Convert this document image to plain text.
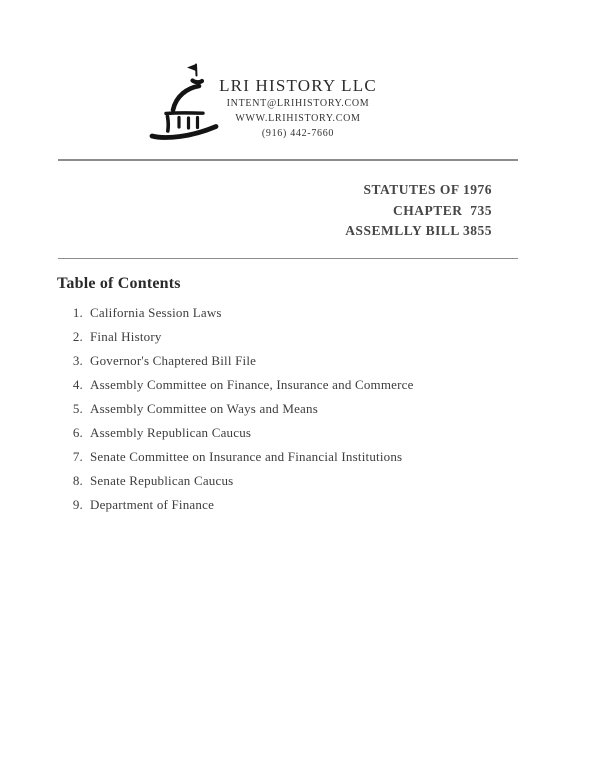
LRI HISTORY LLC
INTENT@LRIHISTORY.COM
WWW.LRIHISTORY.COM
(916) 442-7660
STATUTES OF 1976
CHAPTER  735
ASSEMLLY BILL 3855
Table of Contents
1. California Session Laws
2. Final History
3. Governor's Chaptered Bill File
4. Assembly Committee on Finance, Insurance and Commerce
5. Assembly Committee on Ways and Means
6. Assembly Republican Caucus
7. Senate Committee on Insurance and Financial Institutions
8. Senate Republican Caucus
9. Department of Finance
